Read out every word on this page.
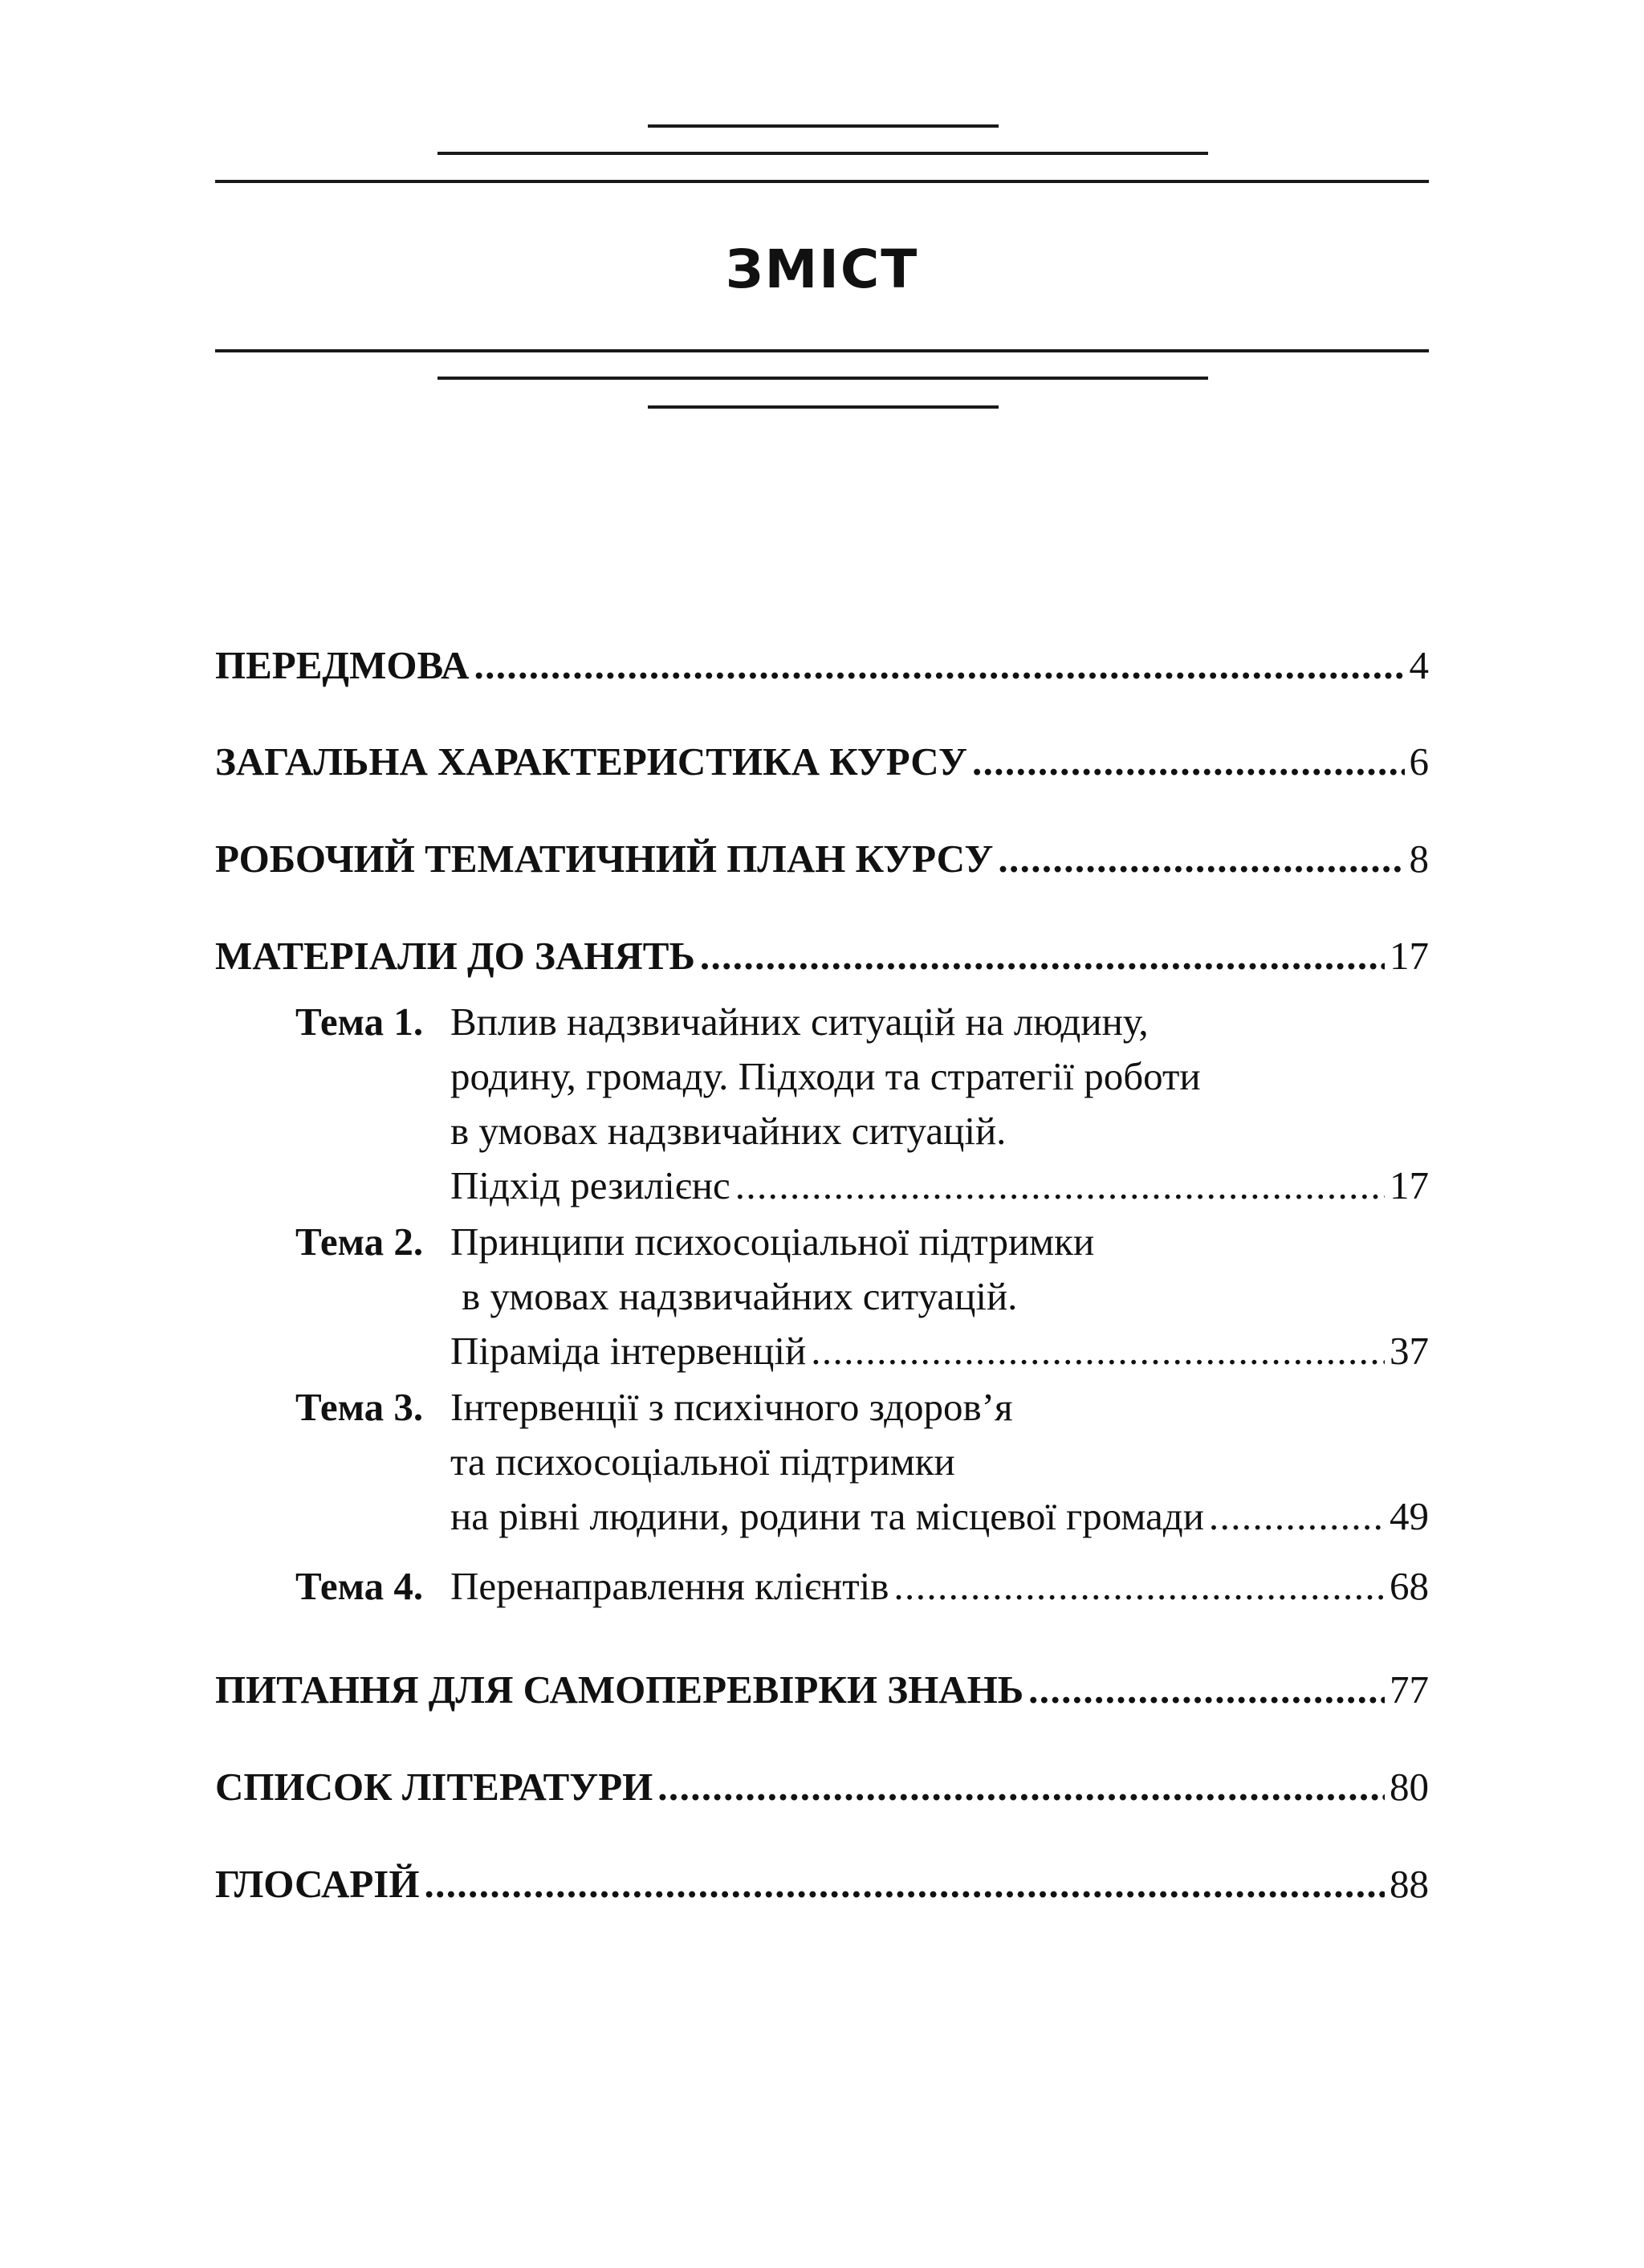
ЗМІСТ
ПЕРЕДМОВА .....	4
ЗАГАЛЬНА ХАРАКТЕРИСТИКА КУРСУ .....	6
РОБОЧИЙ ТЕМАТИЧНИЙ ПЛАН КУРСУ .....	8
МАТЕРІАЛИ ДО ЗАНЯТЬ .....	17
Тема 1. Вплив надзвичайних ситуацій на людину,
родину, громаду. Підходи та стратегії роботи
в умовах надзвичайних ситуацій.
Підхід резилієнс .....	17
Тема 2. Принципи психосоціальної підтримки
в умовах надзвичайних ситуацій.
Піраміда інтервенцій .....	37
Тема 3. Інтервенції з психічного здоров’я
та психосоціальної підтримки
на рівні людини, родини та місцевої громади .....	49
Тема 4. Перенаправлення клієнтів .....	68
ПИТАННЯ ДЛЯ САМОПЕРЕВІРКИ ЗНАНЬ .....	77
СПИСОК ЛІТЕРАТУРИ .....	80
ГЛОСАРІЙ .....	88
